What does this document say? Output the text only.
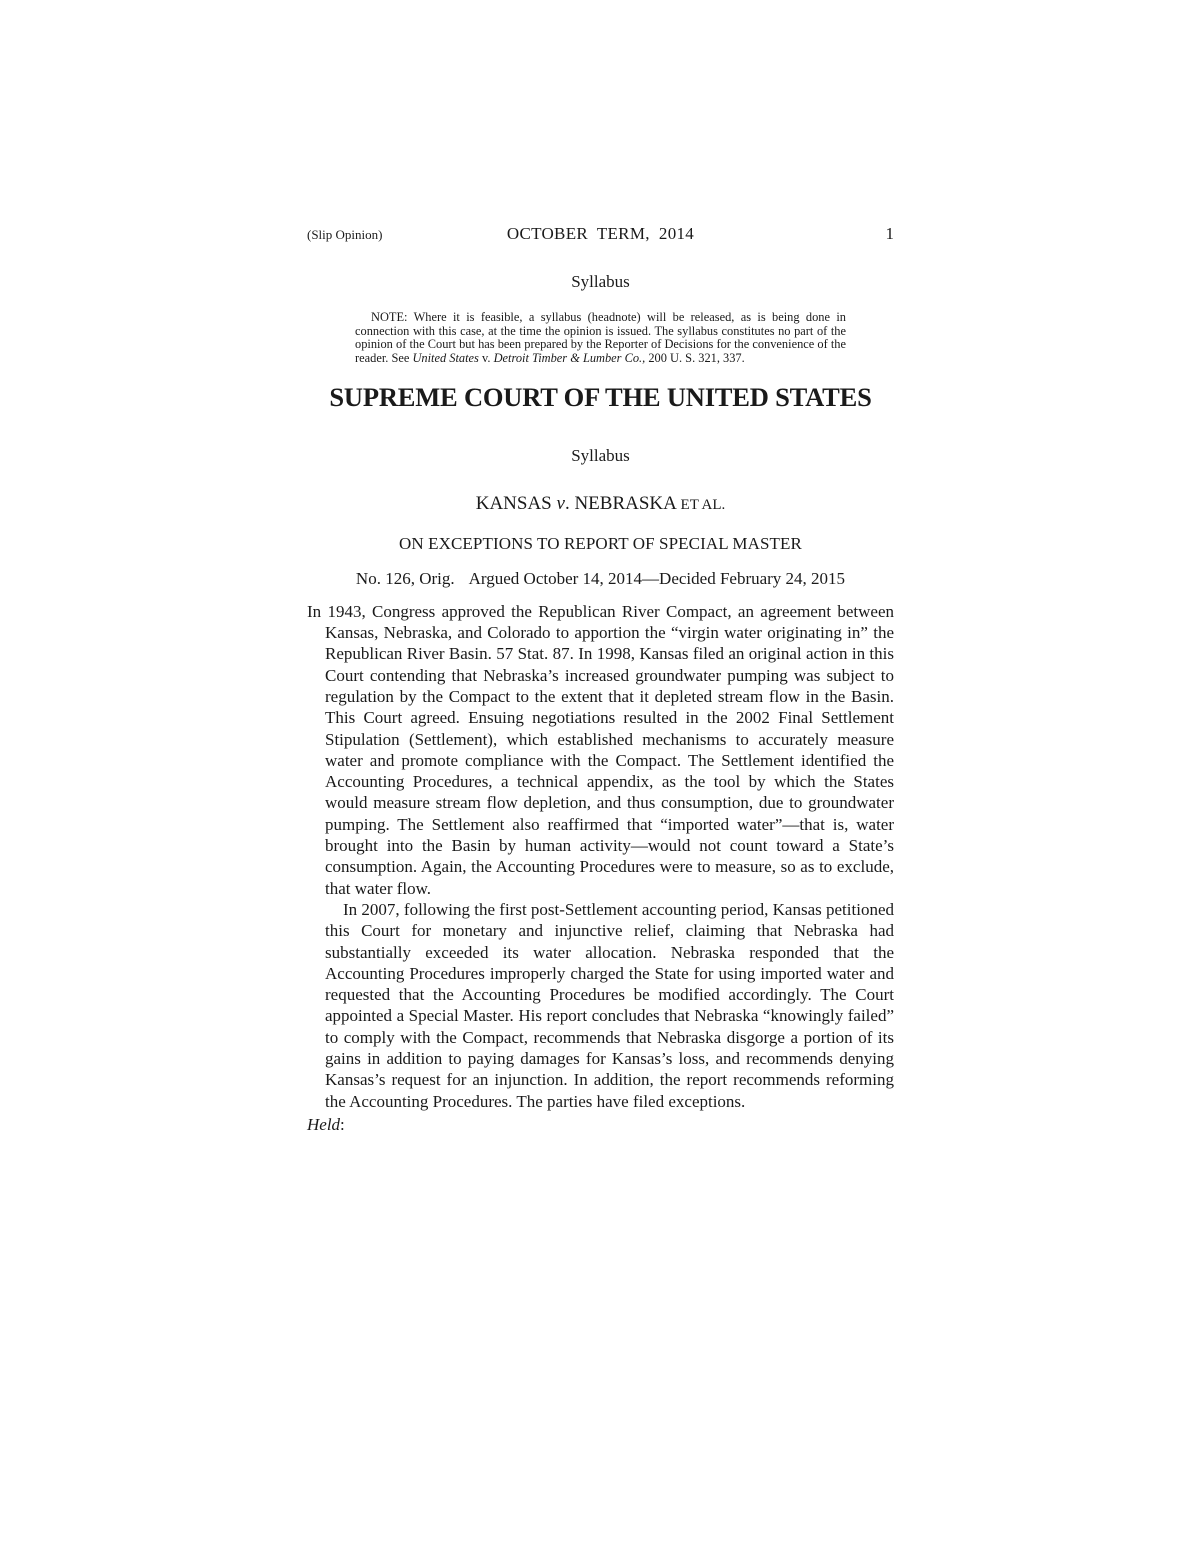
(Slip Opinion)	OCTOBER  TERM,  2014	1
Syllabus
NOTE: Where it is feasible, a syllabus (headnote) will be released, as is being done in connection with this case, at the time the opinion is issued. The syllabus constitutes no part of the opinion of the Court but has been prepared by the Reporter of Decisions for the convenience of the reader. See United States v. Detroit Timber & Lumber Co., 200 U. S. 321, 337.
SUPREME COURT OF THE UNITED STATES
Syllabus
KANSAS v. NEBRASKA ET AL.
ON EXCEPTIONS TO REPORT OF SPECIAL MASTER
No. 126, Orig. Argued October 14, 2014—Decided February 24, 2015

In 1943, Congress approved the Republican River Compact, an agreement between Kansas, Nebraska, and Colorado to apportion the “virgin water originating in” the Republican River Basin. 57 Stat. 87. In 1998, Kansas filed an original action in this Court contending that Nebraska’s increased groundwater pumping was subject to regulation by the Compact to the extent that it depleted stream flow in the Basin. This Court agreed. Ensuing negotiations resulted in the 2002 Final Settlement Stipulation (Settlement), which established mechanisms to accurately measure water and promote compliance with the Compact. The Settlement identified the Accounting Procedures, a technical appendix, as the tool by which the States would measure stream flow depletion, and thus consumption, due to groundwater pumping. The Settlement also reaffirmed that “imported water”—that is, water brought into the Basin by human activity—would not count toward a State’s consumption. Again, the Accounting Procedures were to measure, so as to exclude, that water flow.

In 2007, following the first post-Settlement accounting period, Kansas petitioned this Court for monetary and injunctive relief, claiming that Nebraska had substantially exceeded its water allocation. Nebraska responded that the Accounting Procedures improperly charged the State for using imported water and requested that the Accounting Procedures be modified accordingly. The Court appointed a Special Master. His report concludes that Nebraska “knowingly failed” to comply with the Compact, recommends that Nebraska disgorge a portion of its gains in addition to paying damages for Kansas’s loss, and recommends denying Kansas’s request for an injunction. In addition, the report recommends reforming the Accounting Procedures. The parties have filed exceptions.

Held:
